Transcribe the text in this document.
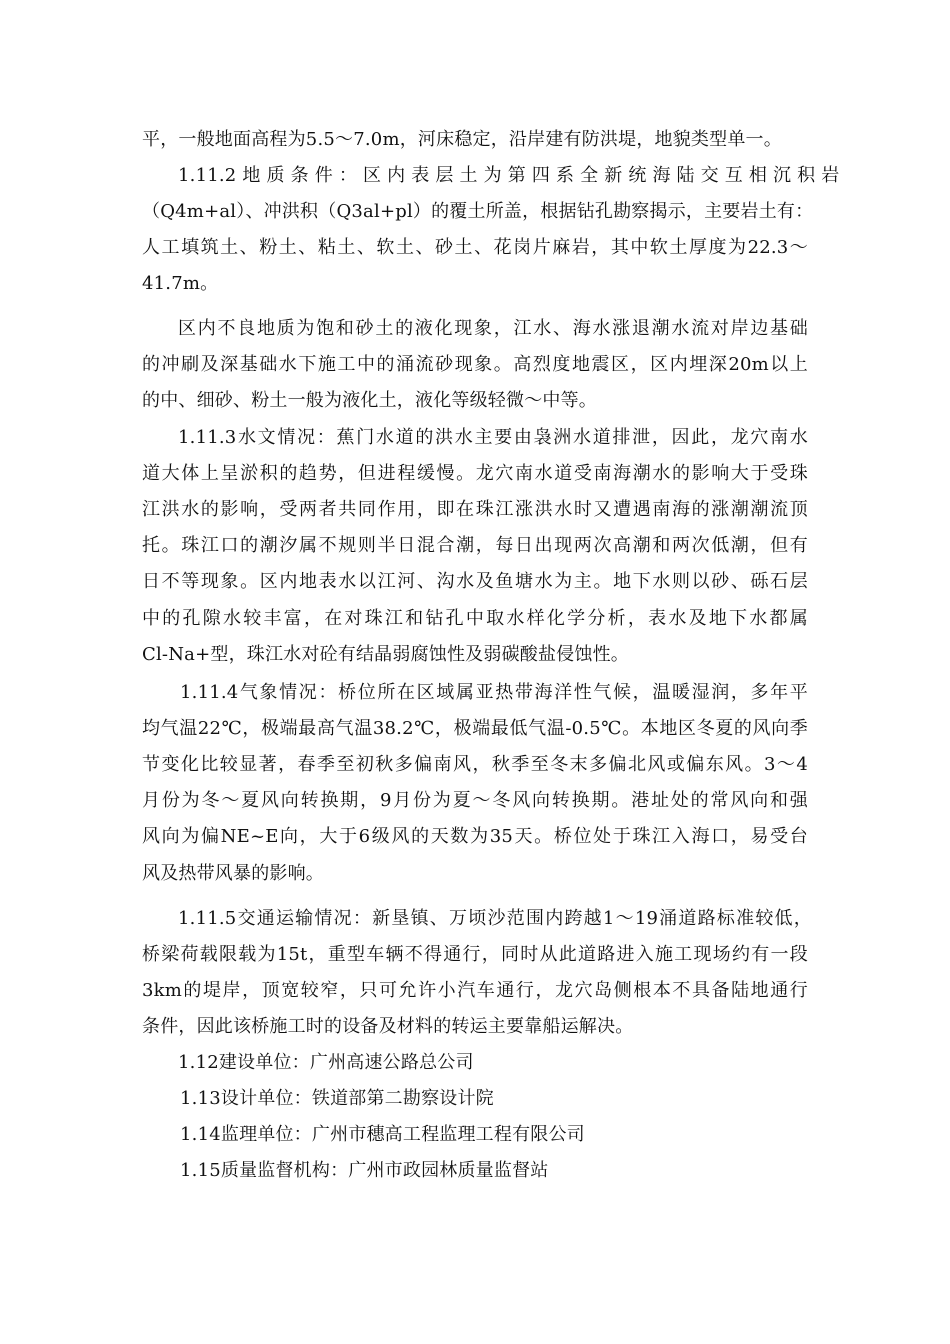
平，一般地面高程为5.5～7.0m，河床稳定，沿岸建有防洪堤，地貌类型单一。
1.11.2 地 质 条 件 ： 区 内 表 层 土 为 第 四 系 全 新 统 海 陆 交 互 相 沉 积 岩
（Q4m+al）、冲洪积（Q3al+pl）的覆土所盖，根据钻孔勘察揭示，主要岩土有：
人工填筑土、粉土、粘土、软土、砂土、花岗片麻岩，其中软土厚度为22.3～
41.7m。
区内不良地质为饱和砂土的液化现象，江水、海水涨退潮水流对岸边基础
的冲刷及深基础水下施工中的涌流砂现象。高烈度地震区，区内埋深20m以上
的中、细砂、粉土一般为液化土，液化等级轻微～中等。
1.11.3水文情况：蕉门水道的洪水主要由袅洲水道排泄，因此，龙穴南水
道大体上呈淤积的趋势，但进程缓慢。龙穴南水道受南海潮水的影响大于受珠
江洪水的影响，受两者共同作用，即在珠江涨洪水时又遭遇南海的涨潮潮流顶
托。珠江口的潮汐属不规则半日混合潮，每日出现两次高潮和两次低潮，但有
日不等现象。区内地表水以江河、沟水及鱼塘水为主。地下水则以砂、砾石层
中的孔隙水较丰富，在对珠江和钻孔中取水样化学分析，表水及地下水都属
Cl-Na+型，珠江水对砼有结晶弱腐蚀性及弱碳酸盐侵蚀性。
1.11.4气象情况：桥位所在区域属亚热带海洋性气候，温暖湿润，多年平
均气温22℃，极端最高气温38.2℃，极端最低气温-0.5℃。本地区冬夏的风向季
节变化比较显著，春季至初秋多偏南风，秋季至冬末多偏北风或偏东风。3～4
月份为冬～夏风向转换期，9月份为夏～冬风向转换期。港址处的常风向和强
风向为偏NE~E向，大于6级风的天数为35天。桥位处于珠江入海口，易受台
风及热带风暴的影响。
1.11.5交通运输情况：新垦镇、万顷沙范围内跨越1～19涌道路标准较低，
桥梁荷载限载为15t，重型车辆不得通行，同时从此道路进入施工现场约有一段
3km的堤岸，顶宽较窄，只可允许小汽车通行，龙穴岛侧根本不具备陆地通行
条件，因此该桥施工时的设备及材料的转运主要靠船运解决。
1.12建设单位：广州高速公路总公司
1.13设计单位：铁道部第二勘察设计院
1.14监理单位：广州市穗高工程监理工程有限公司
1.15质量监督机构：广州市政园林质量监督站
